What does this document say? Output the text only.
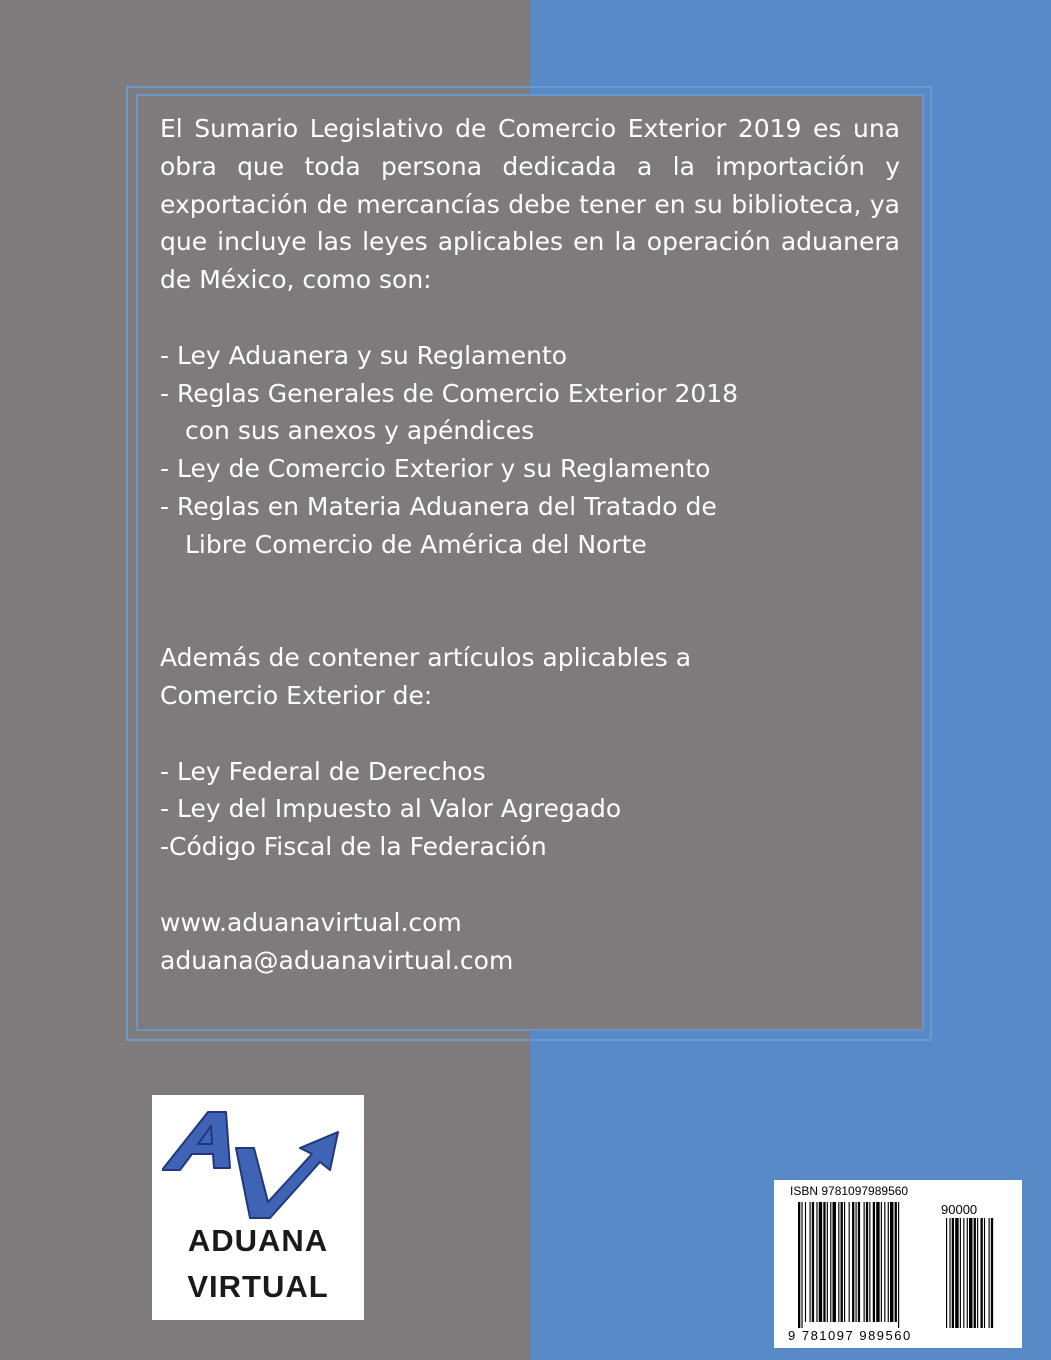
El Sumario Legislativo de Comercio Exterior 2019 es una obra que toda persona dedicada a la importación y exportación de mercancías debe tener en su biblioteca, ya que incluye las leyes aplicables en la operación aduanera de México, como son:

- Ley Aduanera y su Reglamento
- Reglas Generales de Comercio Exterior 2018
con sus anexos y apéndices
- Ley de Comercio Exterior y su Reglamento
- Reglas en Materia Aduanera del Tratado de
Libre Comercio de América del Norte
Además de contener artículos aplicables a
Comercio Exterior de:
- Ley Federal de Derechos
- Ley del Impuesto al Valor Agregado
-Código Fiscal de la Federación
www.aduanavirtual.com
aduana@aduanavirtual.com
ADUANA
VIRTUAL
ISBN 9781097989560
90000
9 781097 989560
